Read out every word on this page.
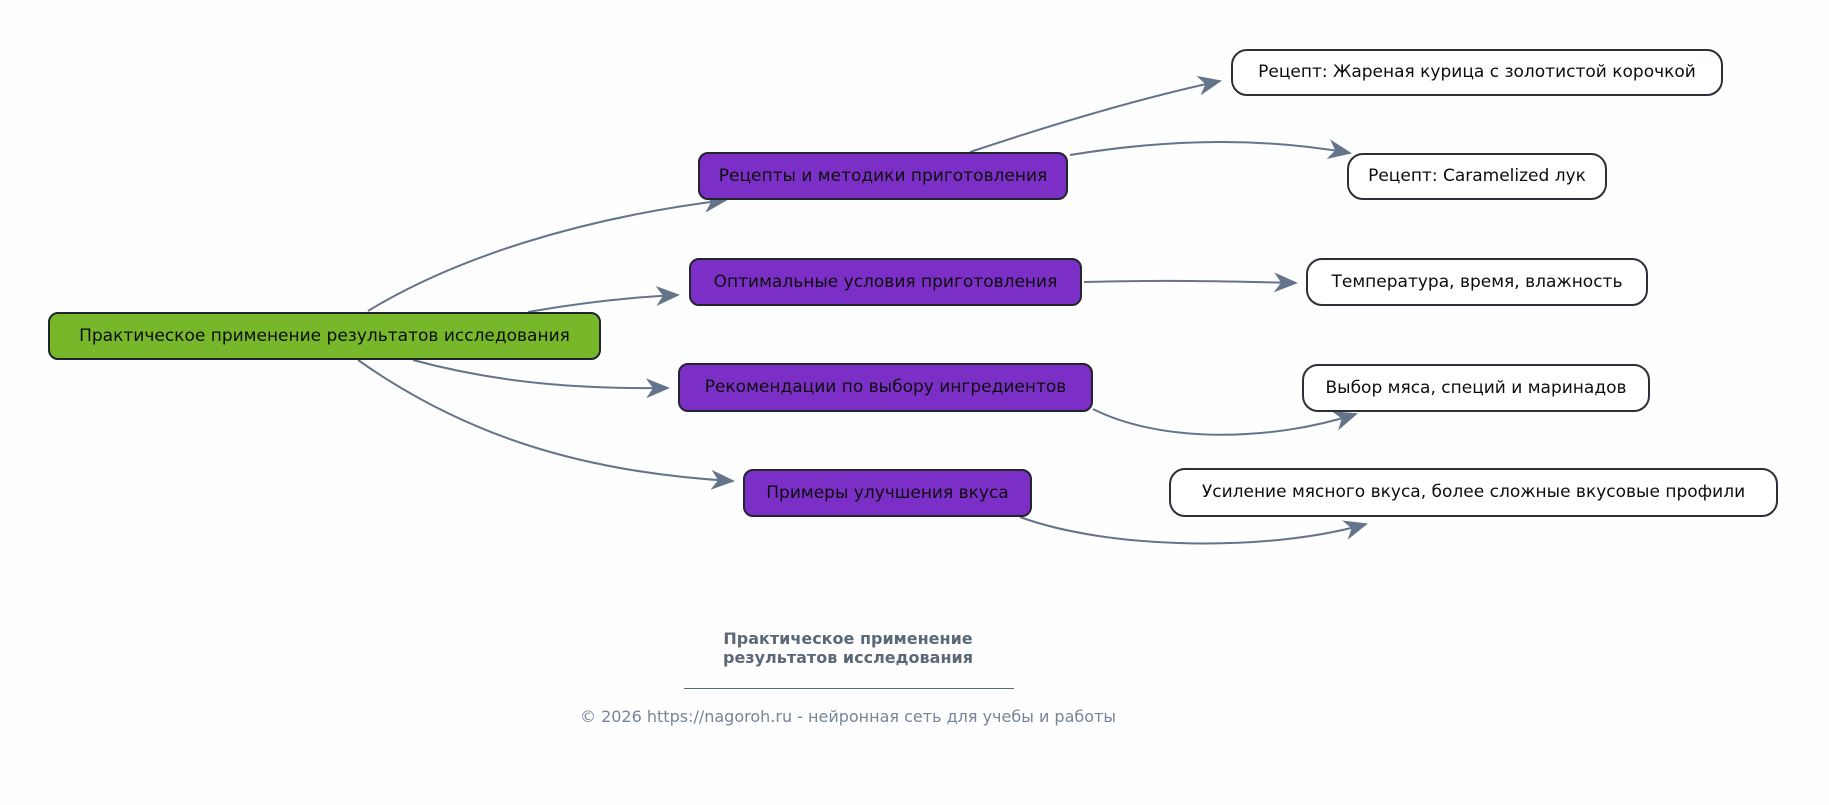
Практическое применение результатов исследования
Рецепты и методики приготовления
Оптимальные условия приготовления
Рекомендации по выбору ингредиентов
Примеры улучшения вкуса
Рецепт: Жареная курица с золотистой корочкой
Рецепт: Caramelized лук
Температура, время, влажность
Выбор мяса, специй и маринадов
Усиление мясного вкуса, более сложные вкусовые профили
Практическое применение результатов исследования
© 2026 https://nagoroh.ru - нейронная сеть для учебы и работы
